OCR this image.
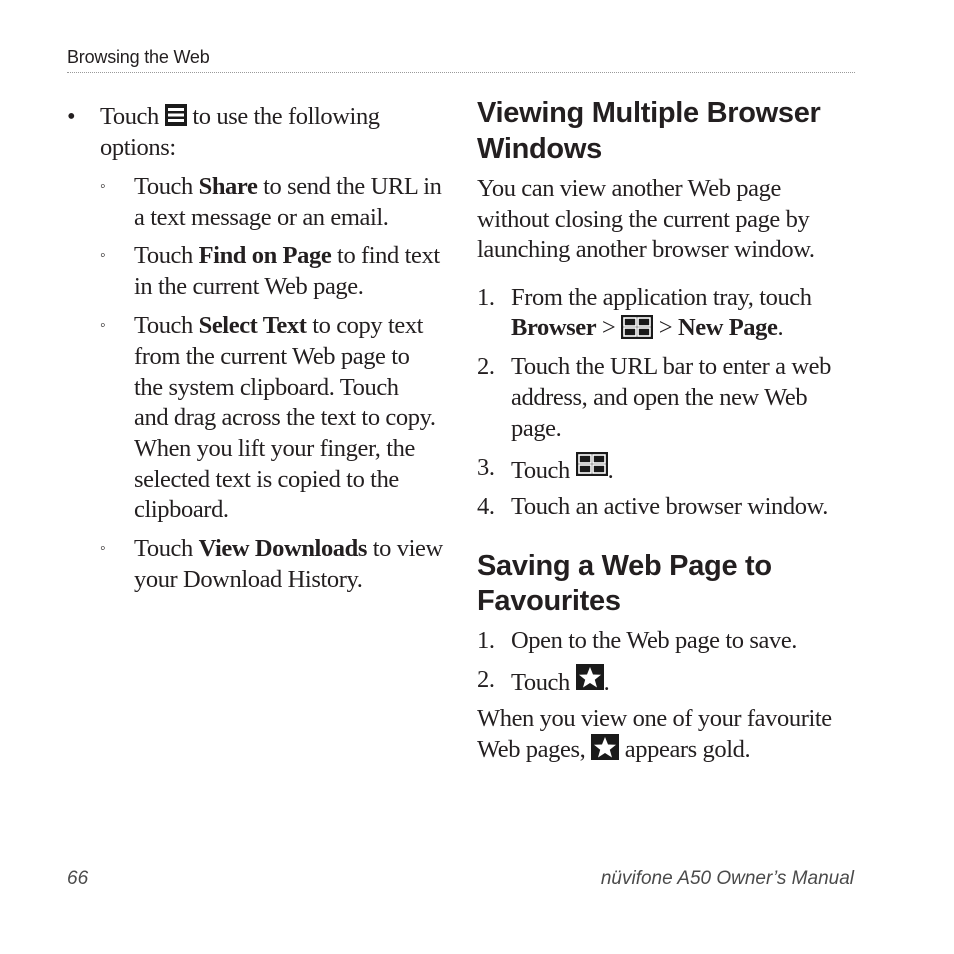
Browsing the Web
• Touch to use the following
options:
◦ Touch Share to send the URL in
a text message or an email.
◦ Touch Find on Page to find text
in the current Web page.
◦ Touch Select Text to copy text
from the current Web page to
the system clipboard. Touch
and drag across the text to copy.
When you lift your finger, the
selected text is copied to the
clipboard.
◦ Touch View Downloads to view
your Download History.
Viewing Multiple Browser
Windows
You can view another Web page
without closing the current page by
launching another browser window.
1. From the application tray, touch
Browser >
> New Page.
2. Touch the URL bar to enter a web
address, and open the new Web
page.
3. Touch .
4. Touch an active browser window.
Saving a Web Page to
Favourites
1. Open to the Web page to save.
2. Touch .
When you view one of your favourite
Web pages, appears gold.
66	nüvifone A50 Owner’s Manual
